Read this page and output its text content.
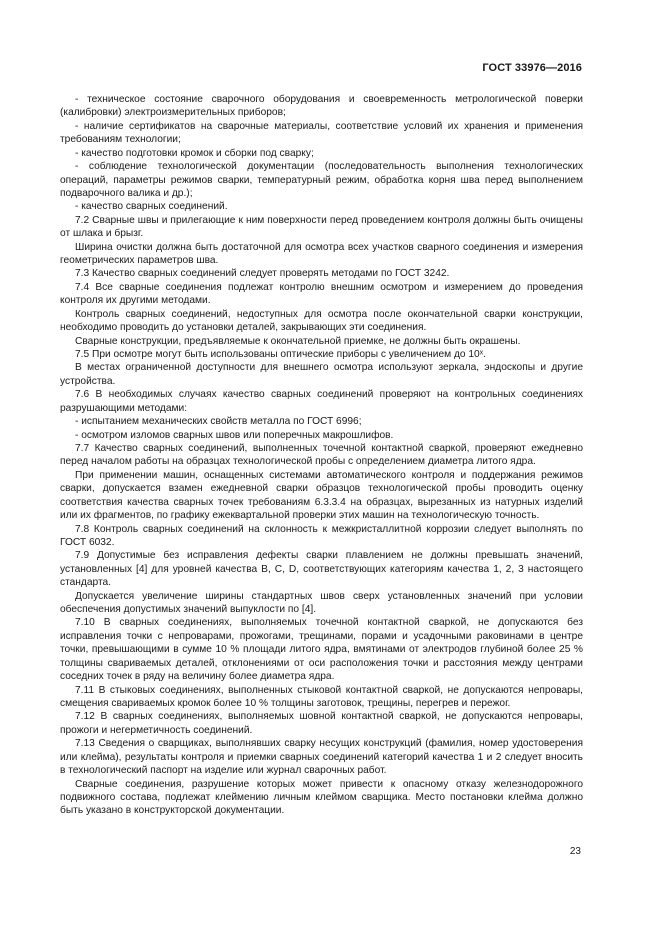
ГОСТ 33976—2016

- техническое состояние сварочного оборудования и своевременность метрологической поверки (калибровки) электроизмерительных приборов;

- наличие сертификатов на сварочные материалы, соответствие условий их хранения и применения требованиям технологии;

- качество подготовки кромок и сборки под сварку;

- соблюдение технологической документации (последовательность выполнения технологических операций, параметры режимов сварки, температурный режим, обработка корня шва перед выполнением подварочного валика и др.);

- качество сварных соединений.

7.2 Сварные швы и прилегающие к ним поверхности перед проведением контроля должны быть очищены от шлака и брызг.

Ширина очистки должна быть достаточной для осмотра всех участков сварного соединения и измерения геометрических параметров шва.

7.3 Качество сварных соединений следует проверять методами по ГОСТ 3242.

7.4 Все сварные соединения подлежат контролю внешним осмотром и измерением до проведения контроля их другими методами.

Контроль сварных соединений, недоступных для осмотра после окончательной сварки конструкции, необходимо проводить до установки деталей, закрывающих эти соединения.

Сварные конструкции, предъявляемые к окончательной приемке, не должны быть окрашены.

7.5 При осмотре могут быть использованы оптические приборы с увеличением до 10ˣ.

В местах ограниченной доступности для внешнего осмотра используют зеркала, эндоскопы и другие устройства.

7.6 В необходимых случаях качество сварных соединений проверяют на контрольных соединениях разрушающими методами:

- испытанием механических свойств металла по ГОСТ 6996;

- осмотром изломов сварных швов или поперечных макрошлифов.

7.7 Качество сварных соединений, выполненных точечной контактной сваркой, проверяют ежедневно перед началом работы на образцах технологической пробы с определением диаметра литого ядра.

При применении машин, оснащенных системами автоматического контроля и поддержания режимов сварки, допускается взамен ежедневной сварки образцов технологической пробы проводить оценку соответствия качества сварных точек требованиям 6.3.3.4 на образцах, вырезанных из натурных изделий или их фрагментов, по графику ежеквартальной проверки этих машин на технологическую точность.

7.8 Контроль сварных соединений на склонность к межкристаллитной коррозии следует выполнять по ГОСТ 6032.

7.9 Допустимые без исправления дефекты сварки плавлением не должны превышать значений, установленных [4] для уровней качества В, С, D, соответствующих категориям качества 1, 2, 3 настоящего стандарта.

Допускается увеличение ширины стандартных швов сверх установленных значений при условии обеспечения допустимых значений выпуклости по [4].

7.10 В сварных соединениях, выполняемых точечной контактной сваркой, не допускаются без исправления точки с непроварами, прожогами, трещинами, порами и усадочными раковинами в центре точки, превышающими в сумме 10 % площади литого ядра, вмятинами от электродов глубиной более 25 % толщины свариваемых деталей, отклонениями от оси расположения точки и расстояния между центрами соседних точек в ряду на величину более диаметра ядра.

7.11 В стыковых соединениях, выполненных стыковой контактной сваркой, не допускаются непровары, смещения свариваемых кромок более 10 % толщины заготовок, трещины, перегрев и пережог.

7.12 В сварных соединениях, выполняемых шовной контактной сваркой, не допускаются непровары, прожоги и негерметичность соединений.

7.13 Сведения о сварщиках, выполнявших сварку несущих конструкций (фамилия, номер удостоверения или клейма), результаты контроля и приемки сварных соединений категорий качества 1 и 2 следует вносить в технологический паспорт на изделие или журнал сварочных работ.

Сварные соединения, разрушение которых может привести к опасному отказу железнодорожного подвижного состава, подлежат клеймению личным клеймом сварщика. Место постановки клейма должно быть указано в конструкторской документации.

23
